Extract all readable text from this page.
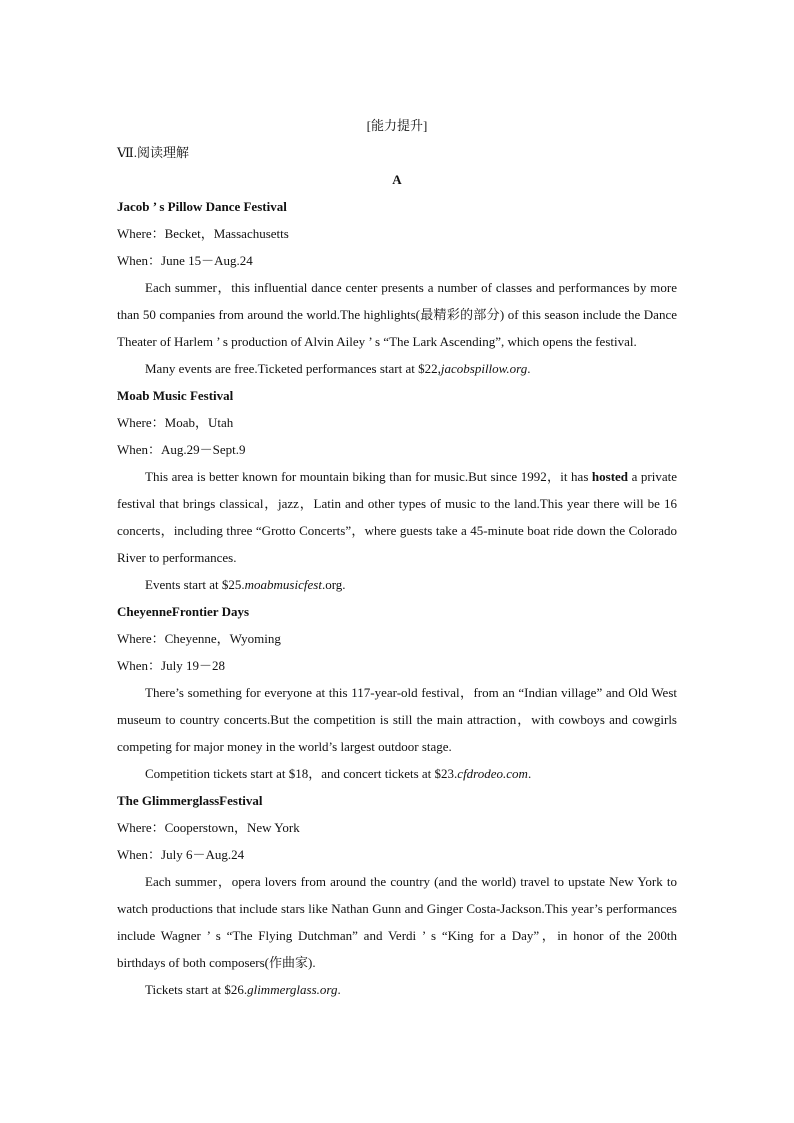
[能力提升]
Ⅶ.阅读理解
A
Jacob ’ s Pillow Dance Festival
Where：Becket，Massachusetts
When：June 15－Aug.24

Each summer，this influential dance center presents a number of classes and performances by more than 50 companies from around the world.The highlights(最精彩的部分) of this season include the Dance Theater of Harlem ’ s production of Alvin Ailey ’ s “The Lark Ascending”, which opens the festival.

Many events are free.Ticketed performances start at $22,jacobspillow.org.
Moab Music Festival
Where：Moab，Utah
When：Aug.29－Sept.9

This area is better known for mountain biking than for music.But since 1992，it has hosted a private festival that brings classical，jazz，Latin and other types of music to the land.This year there will be 16 concerts，including three “Grotto Concerts”，where guests take a 45-minute boat ride down the Colorado River to performances.

Events start at $25.moabmusicfest.org.
CheyenneFrontier Days
Where：Cheyenne，Wyoming
When：July 19－28

There’s something for everyone at this 117-year-old festival，from an “Indian village” and Old West museum to country concerts.But the competition is still the main attraction，with cowboys and cowgirls competing for major money in the world’s largest outdoor stage.

Competition tickets start at $18，and concert tickets at $23.cfdrodeo.com.
The GlimmerglassFestival
Where：Cooperstown，New York
When：July 6－Aug.24

Each summer，opera lovers from around the country (and the world) travel to upstate New York to watch productions that include stars like Nathan Gunn and Ginger Costa-Jackson.This year’s performances include Wagner ’ s “The Flying Dutchman” and Verdi ’ s “King for a Day”，in honor of the 200th birthdays of both composers(作曲家).

Tickets start at $26.glimmerglass.org.
